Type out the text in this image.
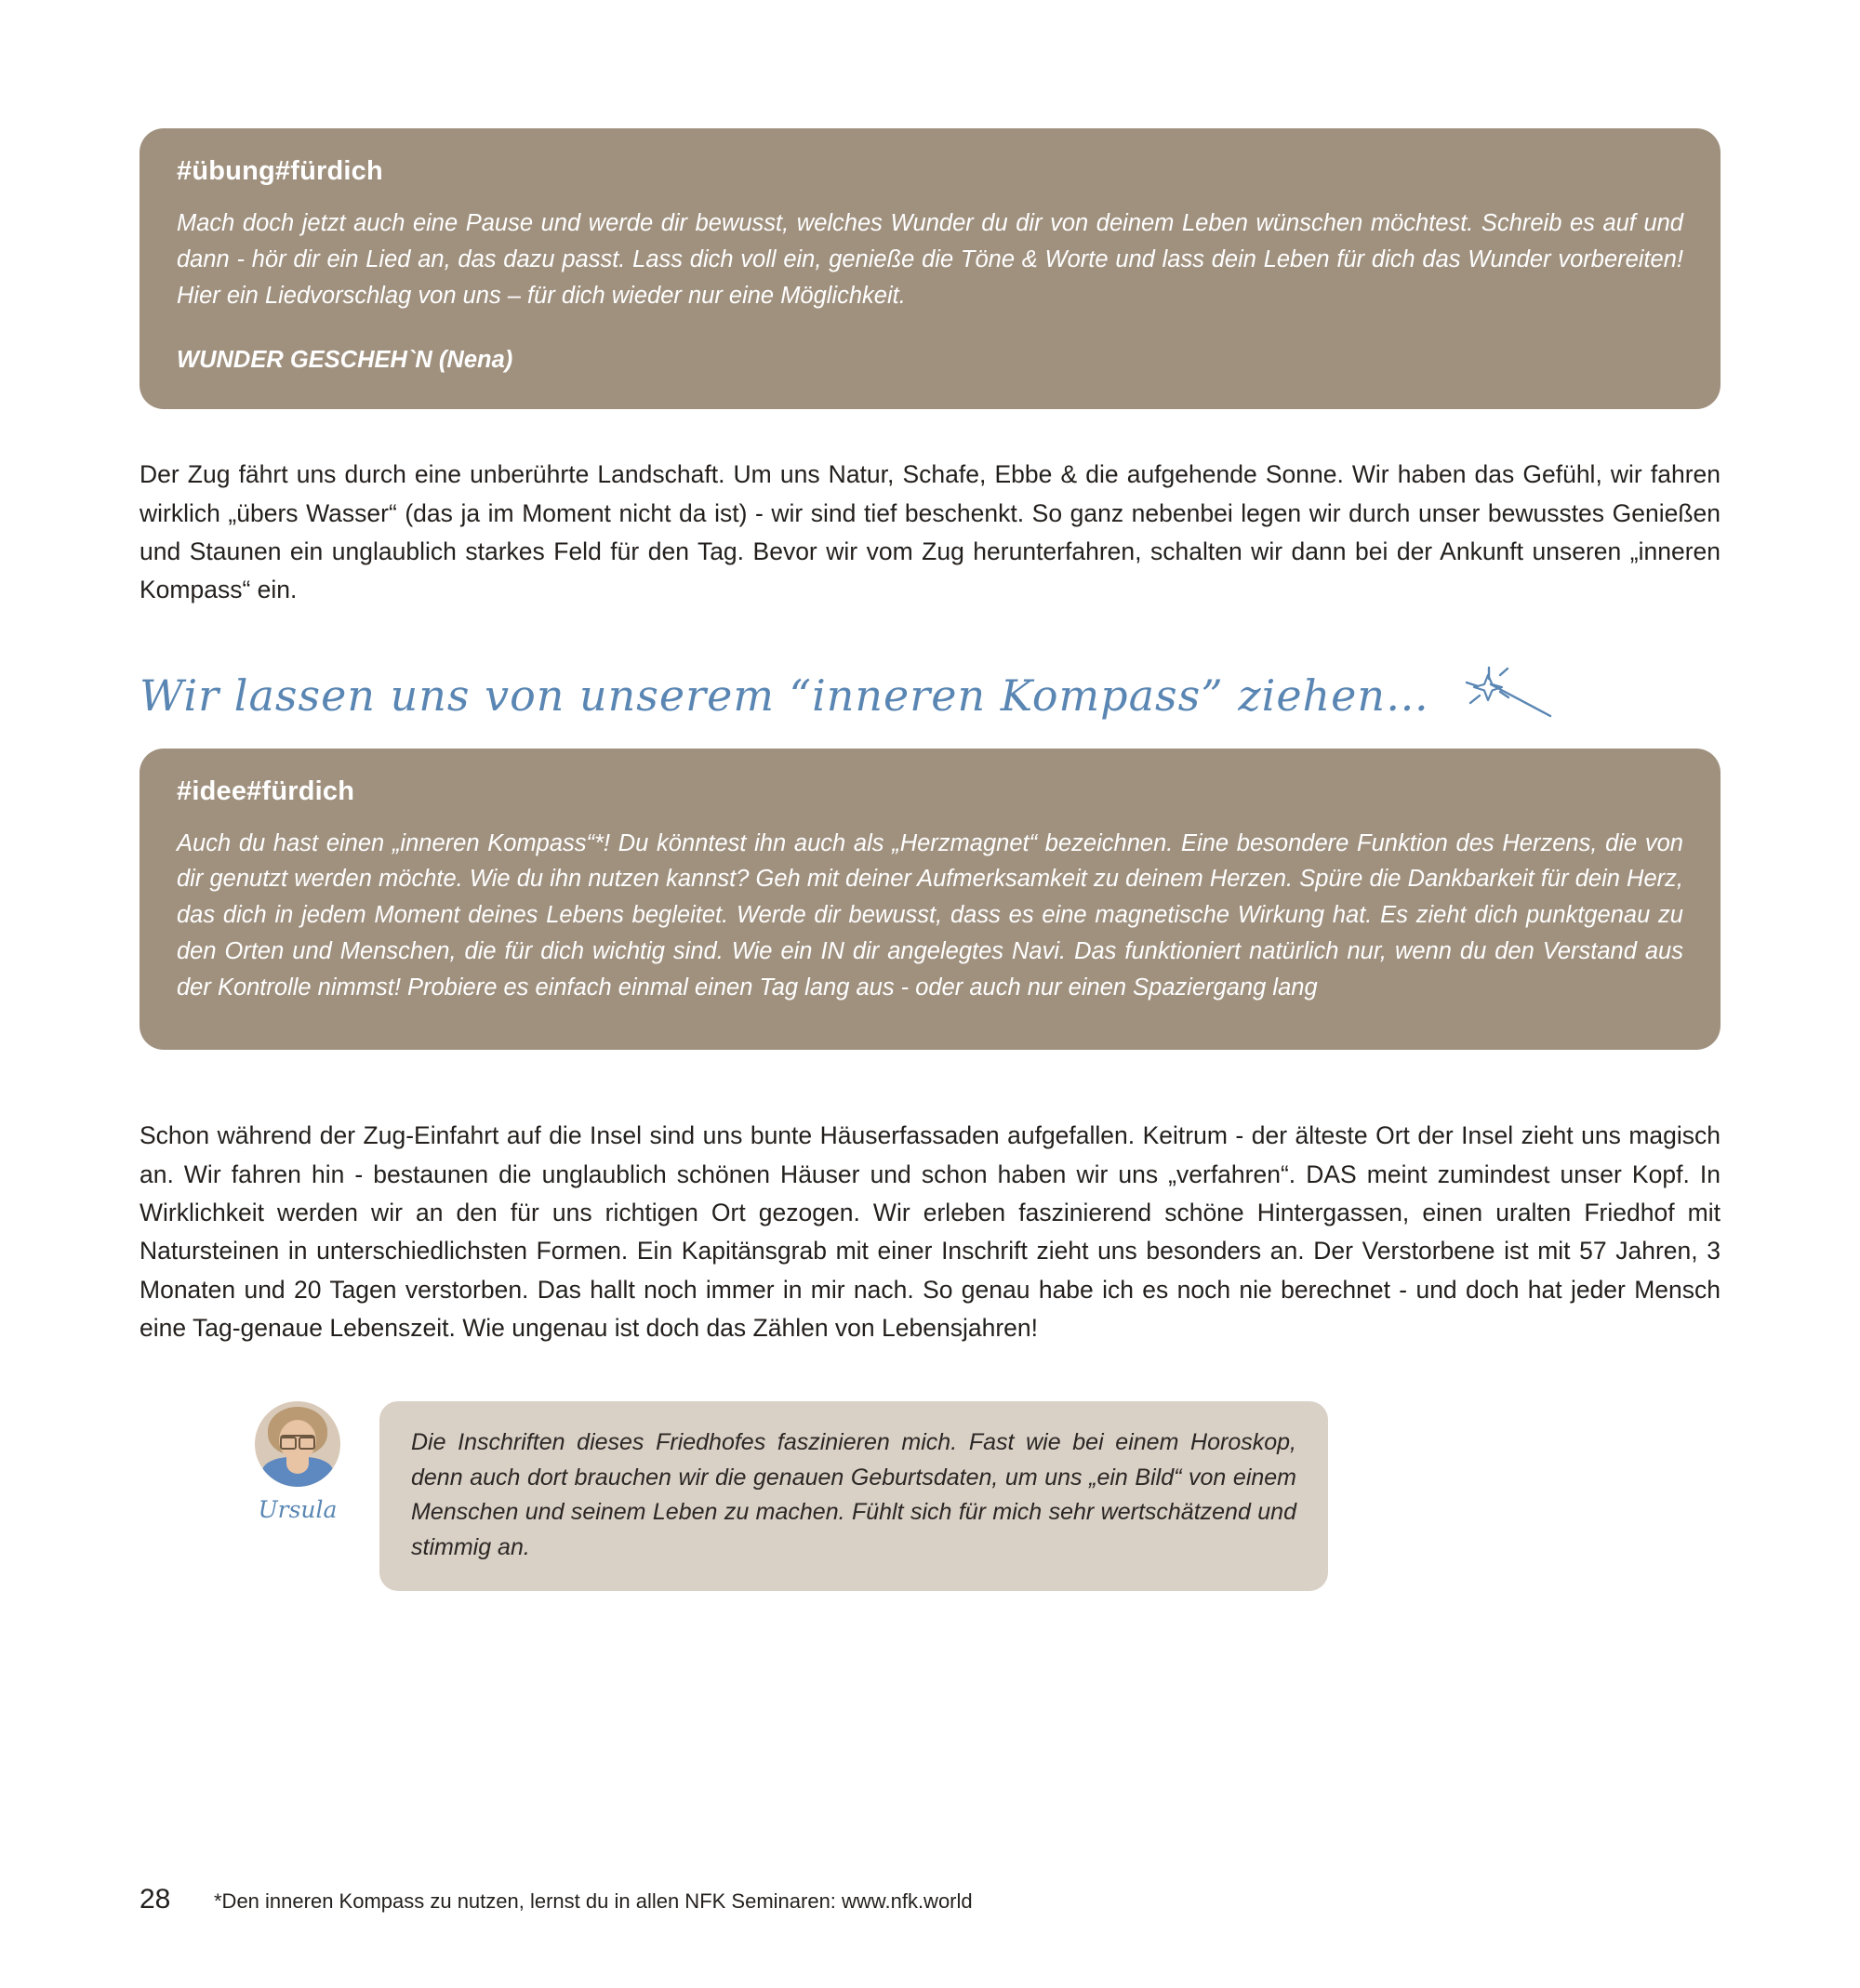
#übung#fürdich

Mach doch jetzt auch eine Pause und werde dir bewusst, welches Wunder du dir von deinem Leben wünschen möchtest. Schreib es auf und dann - hör dir ein Lied an, das dazu passt. Lass dich voll ein, genieße die Töne & Worte und lass dein Leben für dich das Wunder vorbereiten! Hier ein Liedvorschlag von uns – für dich wieder nur eine Möglichkeit.

WUNDER GESCHEH`N (Nena)

Der Zug fährt uns durch eine unberührte Landschaft. Um uns Natur, Schafe, Ebbe & die aufgehende Sonne. Wir haben das Gefühl, wir fahren wirklich „übers Wasser“ (das ja im Moment nicht da ist) - wir sind tief beschenkt. So ganz nebenbei legen wir durch unser bewusstes Genießen und Staunen ein unglaublich starkes Feld für den Tag. Bevor wir vom Zug herunterfahren, schalten wir dann bei der Ankunft unseren „inneren Kompass“ ein.

Wir lassen uns von unserem “inneren Kompass” ziehen…
#idee#fürdich

Auch du hast einen „inneren Kompass“*! Du könntest ihn auch als „Herzmagnet“ bezeichnen. Eine besondere Funktion des Herzens, die von dir genutzt werden möchte. Wie du ihn nutzen kannst? Geh mit deiner Aufmerksamkeit zu deinem Herzen. Spüre die Dankbarkeit für dein Herz, das dich in jedem Moment deines Lebens begleitet. Werde dir bewusst, dass es eine magnetische Wirkung hat. Es zieht dich punktgenau zu den Orten und Menschen, die für dich wichtig sind. Wie ein IN dir angelegtes Navi. Das funktioniert natürlich nur, wenn du den Verstand aus der Kontrolle nimmst! Probiere es einfach einmal einen Tag lang aus - oder auch nur einen Spaziergang lang

Schon während der Zug-Einfahrt auf die Insel sind uns bunte Häuserfassaden aufgefallen. Keitrum - der älteste Ort der Insel zieht uns magisch an. Wir fahren hin - bestaunen die unglaublich schönen Häuser und schon haben wir uns „verfahren“. DAS meint zumindest unser Kopf. In Wirklichkeit werden wir an den für uns richtigen Ort gezogen. Wir erleben faszinierend schöne Hintergassen, einen uralten Friedhof mit Natursteinen in unterschiedlichsten Formen. Ein Kapitänsgrab mit einer Inschrift zieht uns besonders an. Der Verstorbene ist mit 57 Jahren, 3 Monaten und 20 Tagen verstorben. Das hallt noch immer in mir nach. So genau habe ich es noch nie berechnet - und doch hat jeder Mensch eine Tag-genaue Lebenszeit. Wie ungenau ist doch das Zählen von Lebensjahren!

Ursula

Die Inschriften dieses Friedhofes faszinieren mich. Fast wie bei einem Horoskop, denn auch dort brauchen wir die genauen Geburtsdaten, um uns „ein Bild“ von einem Menschen und seinem Leben zu machen. Fühlt sich für mich sehr wertschätzend und stimmig an.

28	*Den inneren Kompass zu nutzen, lernst du in allen NFK Seminaren: www.nfk.world
